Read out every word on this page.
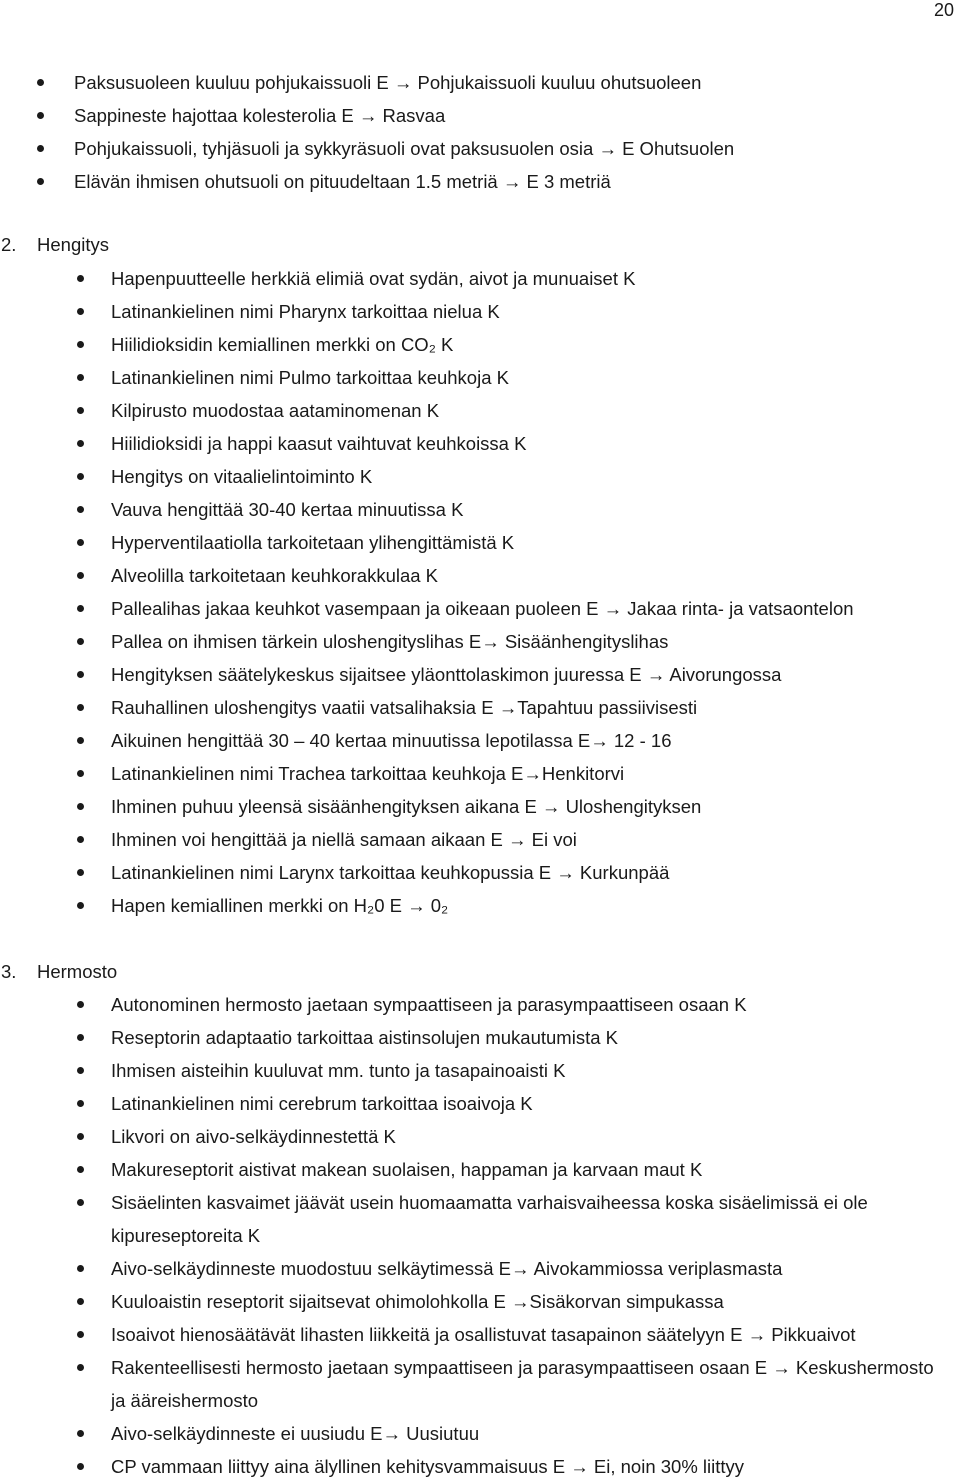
20
Paksusuoleen kuuluu pohjukaissuoli E → Pohjukaissuoli kuuluu ohutsuoleen
Sappineste hajottaa kolesterolia E → Rasvaa
Pohjukaissuoli, tyhjäsuoli ja sykkyräsuoli ovat paksusuolen osia → E Ohutsuolen
Elävän ihmisen ohutsuoli on pituudeltaan 1.5 metriä → E 3 metriä
2. Hengitys
Hapenpuutteelle herkkiä elimiä ovat sydän, aivot ja munuaiset K
Latinankielinen nimi Pharynx tarkoittaa nielua K
Hiilidioksidin kemiallinen merkki on CO₂ K
Latinankielinen nimi Pulmo tarkoittaa keuhkoja K
Kilpirusto muodostaa aataminomenan K
Hiilidioksidi ja happi kaasut vaihtuvat keuhkoissa K
Hengitys on vitaalielintoiminto K
Vauva hengittää 30-40 kertaa minuutissa K
Hyperventilaatiolla tarkoitetaan ylihengittämistä K
Alveolilla tarkoitetaan keuhkorakkulaa K
Pallealihas jakaa keuhkot vasempaan ja oikeaan puoleen E → Jakaa rinta- ja vatsaontelon
Pallea on ihmisen tärkein uloshengityslihas E→ Sisäänhengityslihas
Hengityksen säätelykeskus sijaitsee yläonttolaskimon juuressa E → Aivorungossa
Rauhallinen uloshengitys vaatii vatsalihaksia E →Tapahtuu passiivisesti
Aikuinen hengittää 30 – 40 kertaa minuutissa lepotilassa E→ 12 - 16
Latinankielinen nimi Trachea tarkoittaa keuhkoja E→Henkitorvi
Ihminen puhuu yleensä sisäänhengityksen aikana E → Uloshengityksen
Ihminen voi hengittää ja niellä samaan aikaan E → Ei voi
Latinankielinen nimi Larynx tarkoittaa keuhkopussia E → Kurkunpää
Hapen kemiallinen merkki on H₂0 E → 0₂
3. Hermosto
Autonominen hermosto jaetaan sympaattiseen ja parasympaattiseen osaan K
Reseptorin adaptaatio tarkoittaa aistinsolujen mukautumista K
Ihmisen aisteihin kuuluvat mm. tunto ja tasapainoaisti K
Latinankielinen nimi cerebrum tarkoittaa isoaivoja K
Likvori on aivo-selkäydinnestettä K
Makureseptorit aistivat makean suolaisen, happaman ja karvaan maut K
Sisäelinten kasvaimet jäävät usein huomaamatta varhaisvaiheessa koska sisäelimissä ei ole kipureseptoreita K
Aivo-selkäydinneste muodostuu selkäytimessä E→ Aivokammiossa veriplasmasta
Kuuloaistin reseptorit sijaitsevat ohimolohkolla E →Sisäkorvan simpukassa
Isoaivot hienosäätävät lihasten liikkeitä ja osallistuvat tasapainon säätelyyn E → Pikkuaivot
Rakenteellisesti hermosto jaetaan sympaattiseen ja parasympaattiseen osaan E → Keskushermosto ja ääreishermosto
Aivo-selkäydinneste ei uusiudu E→ Uusiutuu
CP vammaan liittyy aina älyllinen kehitysvammaisuus E → Ei, noin 30% liittyy
